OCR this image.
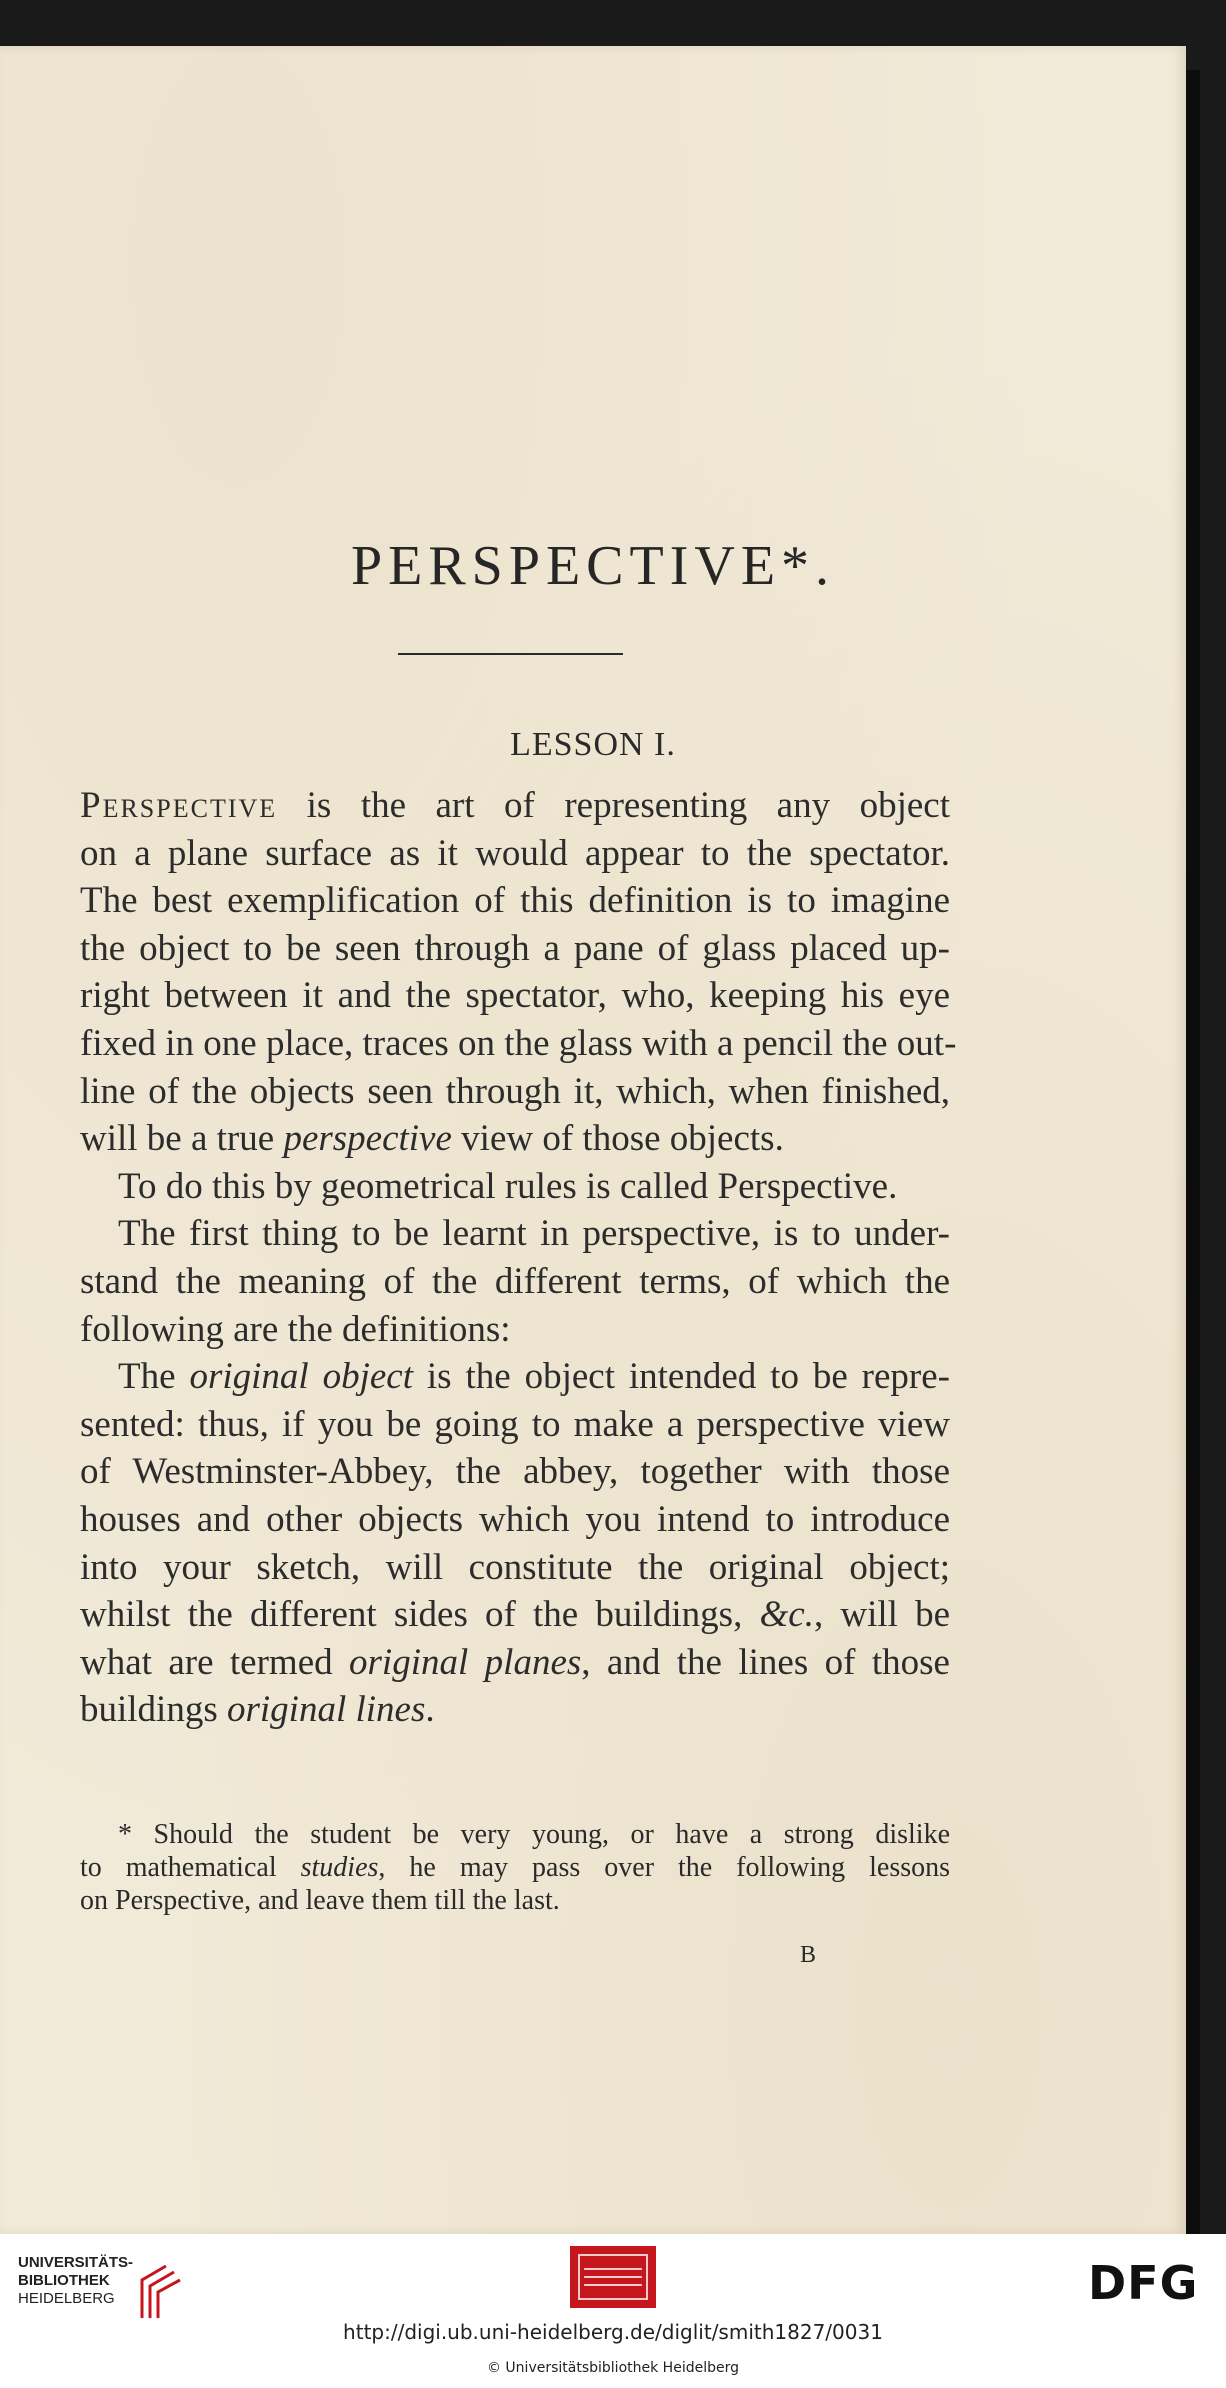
PERSPECTIVE*.
LESSON I.
Perspective is the art of representing any object
on a plane surface as it would appear to the spectator.
The best exemplification of this definition is to imagine
the object to be seen through a pane of glass placed up-
right between it and the spectator, who, keeping his eye
fixed in one place, traces on the glass with a pencil the out-
line of the objects seen through it, which, when finished,
will be a true perspective view of those objects.
To do this by geometrical rules is called Perspective.
The first thing to be learnt in perspective, is to under-
stand the meaning of the different terms, of which the
following are the definitions:
The original object is the object intended to be repre-
sented: thus, if you be going to make a perspective view
of Westminster-Abbey, the abbey, together with those
houses and other objects which you intend to introduce
into your sketch, will constitute the original object;
whilst the different sides of the buildings, &c., will be
what are termed original planes, and the lines of those
buildings original lines.
* Should the student be very young, or have a strong dislike
to mathematical studies, he may pass over the following lessons
on Perspective, and leave them till the last.
B
UNIVERSITÄTS-
BIBLIOTHEK
HEIDELBERG	DFG
http://digi.ub.uni-heidelberg.de/diglit/smith1827/0031
© Universitätsbibliothek Heidelberg
